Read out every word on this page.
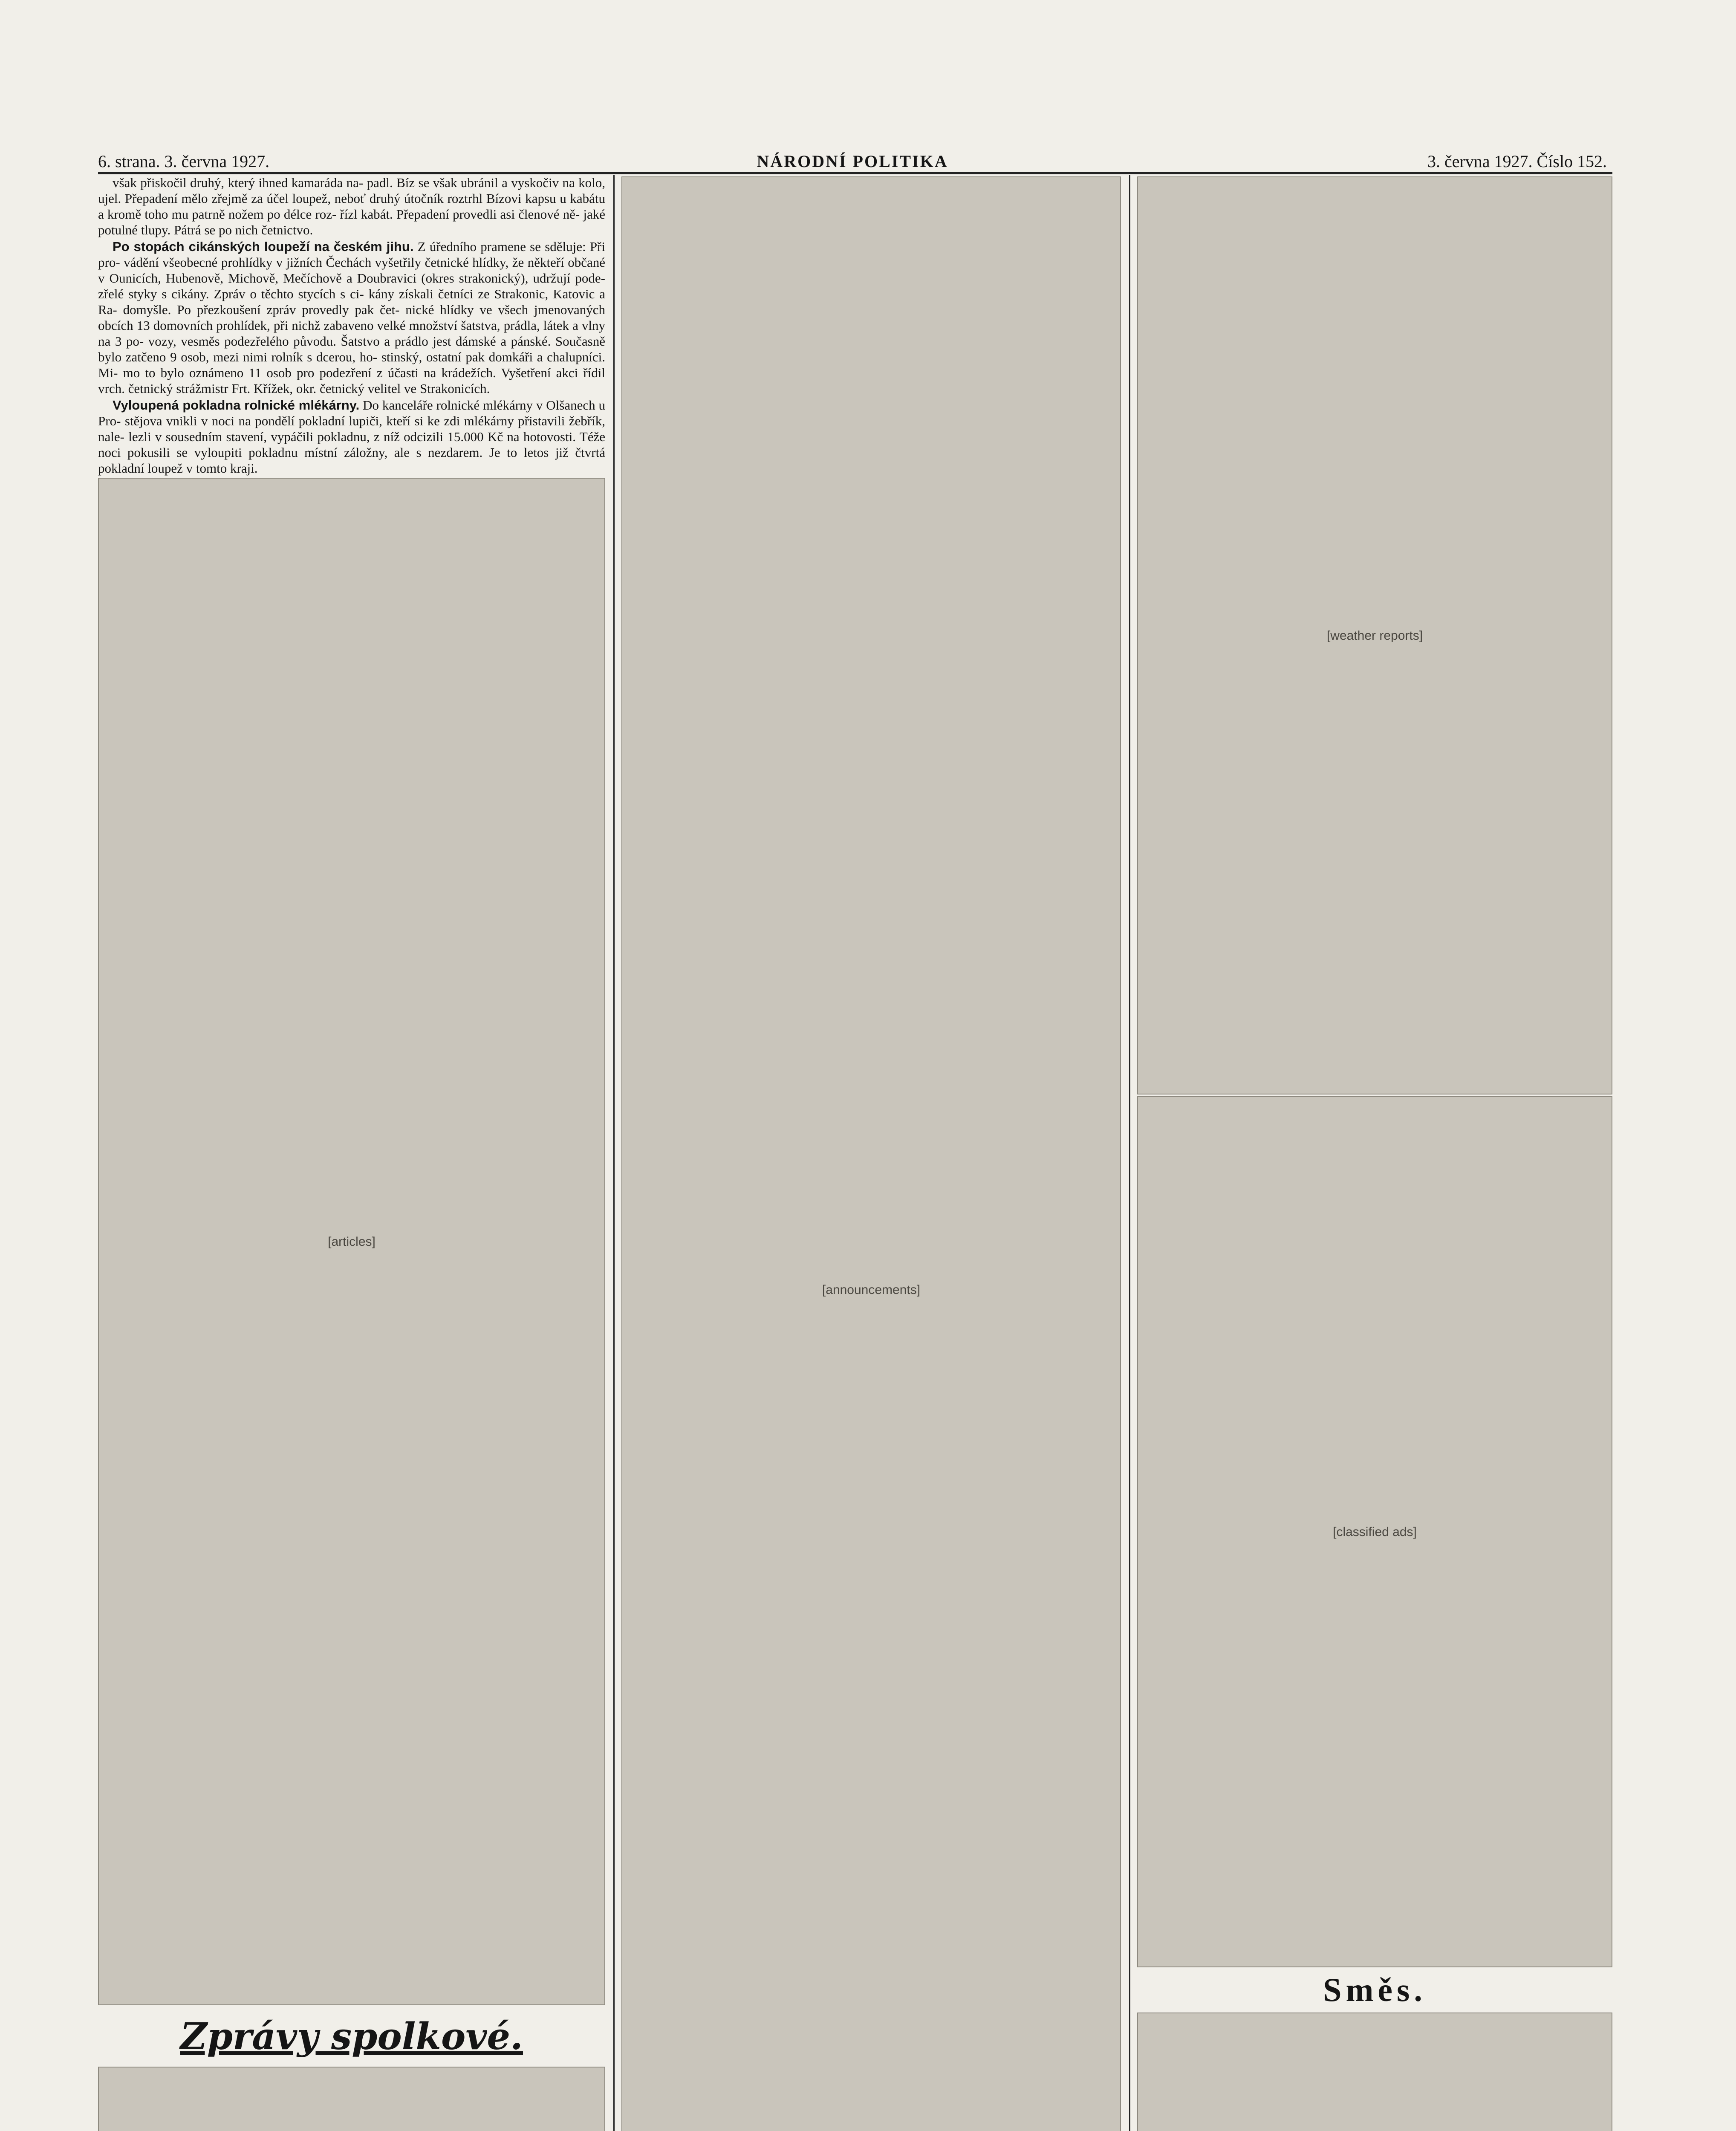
6. strana. 3. června 1927.	NÁRODNÍ POLITIKA	3. června 1927. Číslo 152.

však přiskočil druhý, který ihned kamaráda na- padl. Bíz se však ubránil a vyskočiv na kolo, ujel. Přepadení mělo zřejmě za účel loupež, neboť druhý útočník roztrhl Bízovi kapsu u kabátu a kromě toho mu patrně nožem po délce roz- řízl kabát. Přepadení provedli asi členové ně- jaké potulné tlupy. Pátrá se po nich četnictvo.

Po stopách cikánských loupeží na českém jihu. Z úředního pramene se sděluje: Při pro- vádění všeobecné prohlídky v jižních Čechách vyšetřily četnické hlídky, že někteří občané v Ounicích, Hubenově, Michově, Mečíchově a Doubravici (okres strakonický), udržují pode- zřelé styky s cikány. Zpráv o těchto stycích s ci- kány získali četníci ze Strakonic, Katovic a Ra- domyšle. Po přezkoušení zpráv provedly pak čet- nické hlídky ve všech jmenovaných obcích 13 domovních prohlídek, při nichž zabaveno velké množství šatstva, prádla, látek a vlny na 3 po- vozy, vesměs podezřelého původu. Šatstvo a prádlo jest dámské a pánské. Současně bylo zatčeno 9 osob, mezi nimi rolník s dcerou, ho- stinský, ostatní pak domkáři a chalupníci. Mi- mo to bylo oznámeno 11 osob pro podezření z účasti na krádežích. Vyšetření akci řídil vrch. četnický strážmistr Frt. Křížek, okr. četnický velitel ve Strakonicích.

Vyloupená pokladna rolnické mlékárny. Do kanceláře rolnické mlékárny v Olšanech u Pro- stějova vnikli v noci na pondělí pokladní lupiči, kteří si ke zdi mlékárny přistavili žebřík, nale- lezli v sousedním stavení, vypáčili pokladnu, z níž odcizili 15.000 Kč na hotovosti. Téže noci pokusili se vyloupiti pokladnu místní záložny, ale s nezdarem. Je to letos již čtvrtá pokladní loupež v tomto kraji.

[articles]
Zprávy spolkové.
[announcements]
[weather reports]
[classified ads]
Směs.
